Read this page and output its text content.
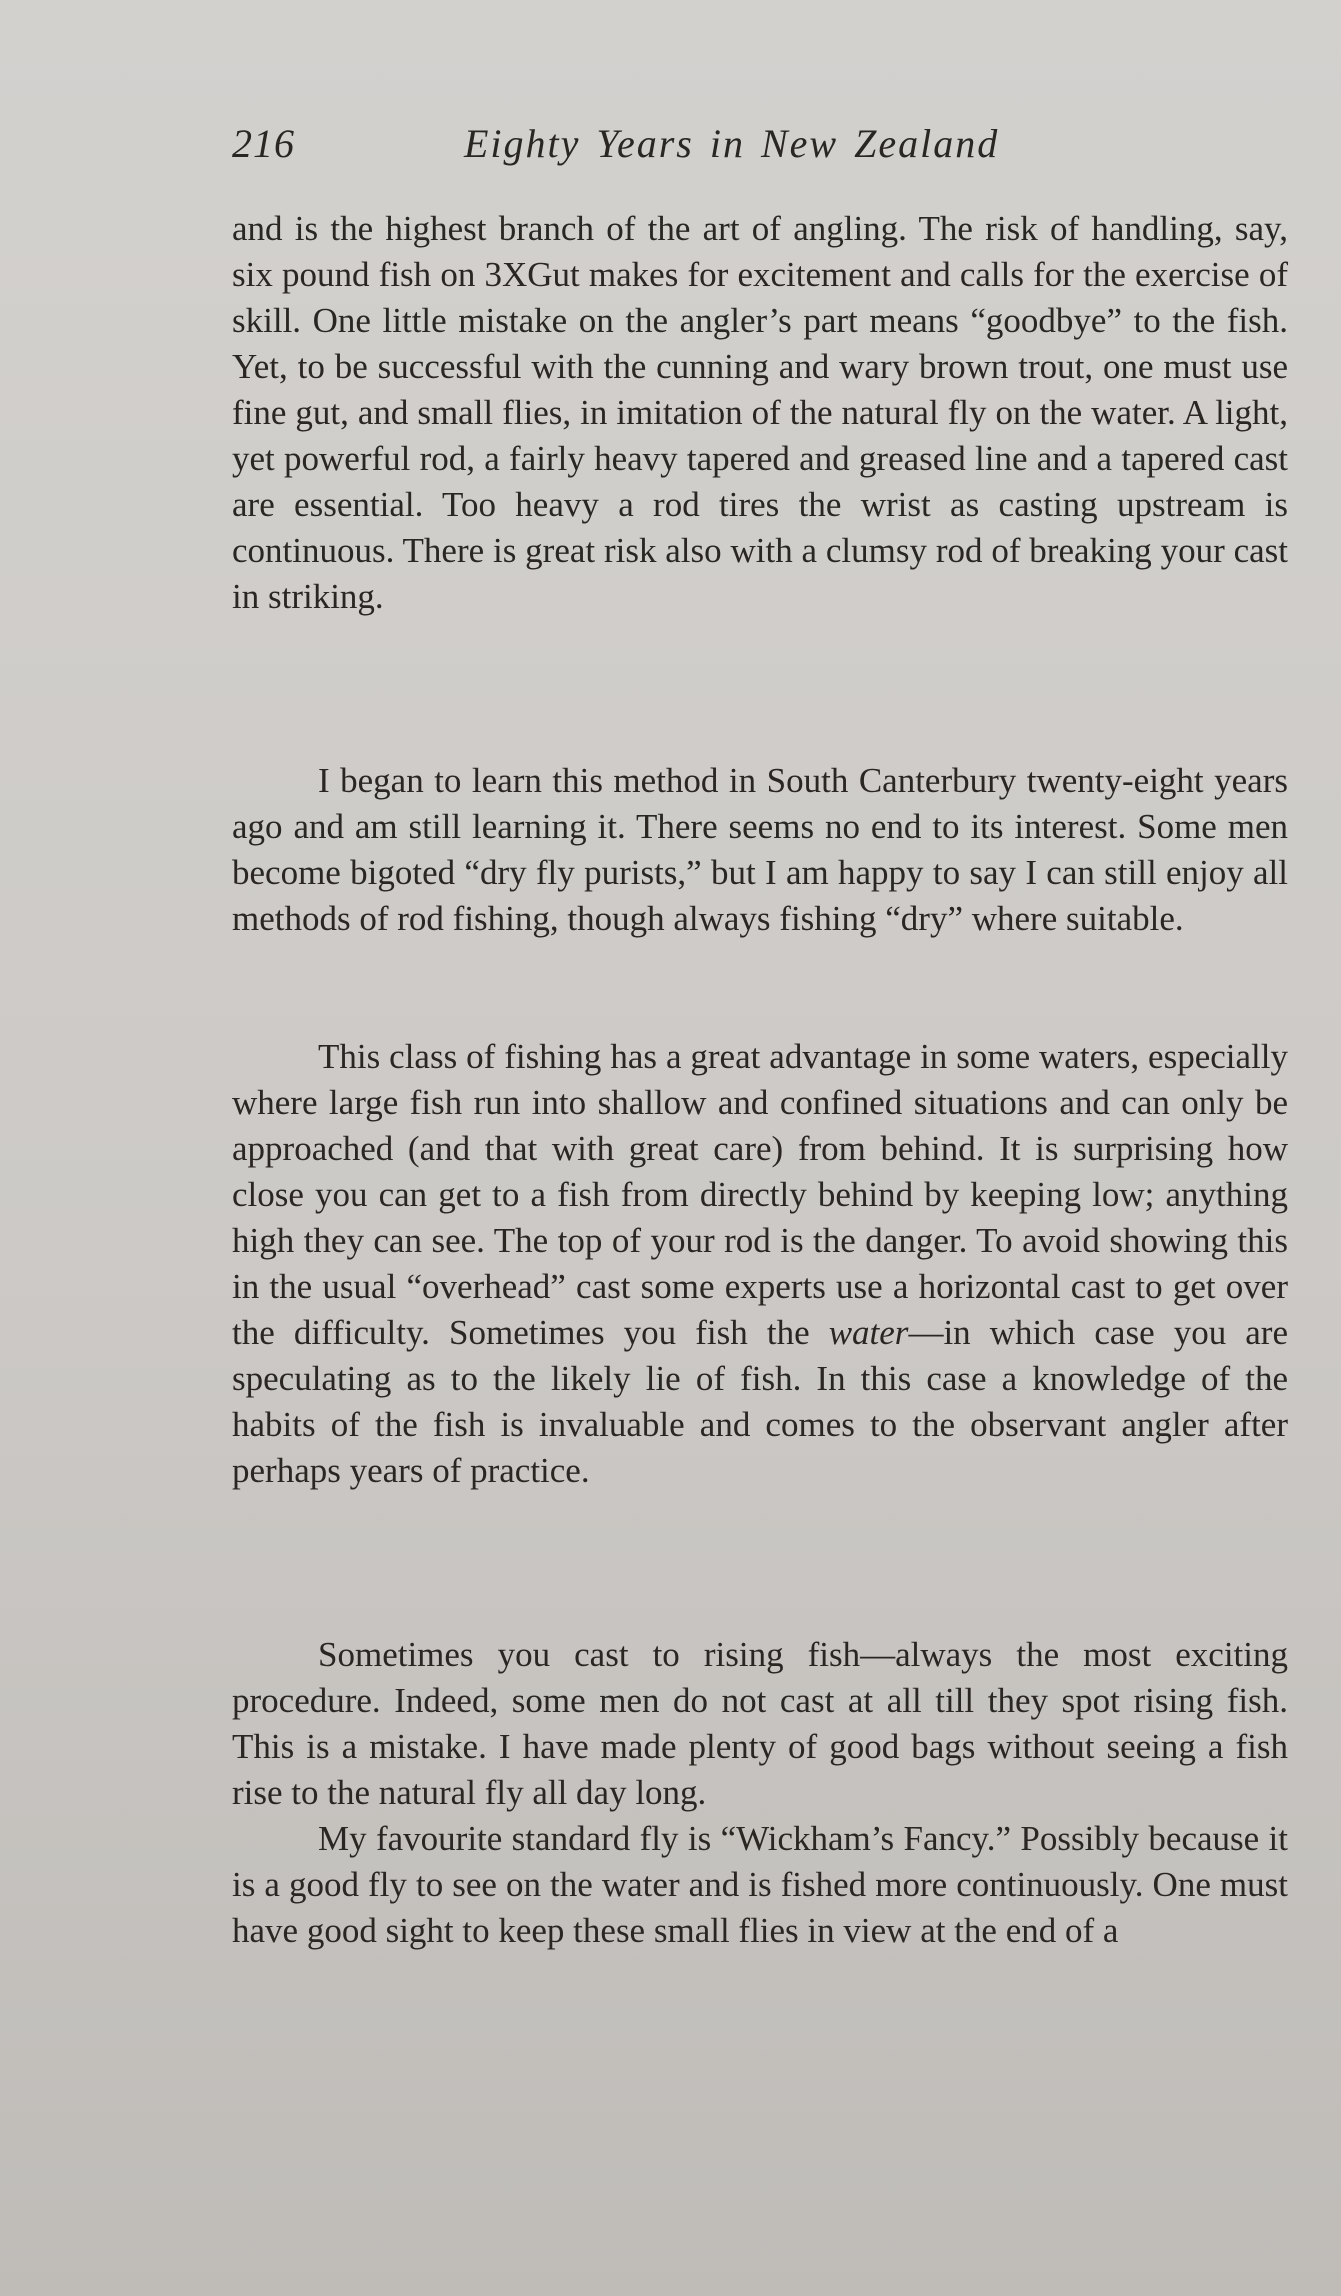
216	Eighty Years in New Zealand

and is the highest branch of the art of angling. The risk of handling, say, six pound fish on 3XGut makes for excitement and calls for the exercise of skill. One little mistake on the angler’s part means “goodbye” to the fish. Yet, to be successful with the cunning and wary brown trout, one must use fine gut, and small flies, in imitation of the natural fly on the water. A light, yet powerful rod, a fairly heavy tapered and greased line and a tapered cast are essential. Too heavy a rod tires the wrist as casting upstream is continuous. There is great risk also with a clumsy rod of breaking your cast in striking.

I began to learn this method in South Canterbury twenty-eight years ago and am still learning it. There seems no end to its interest. Some men become bigoted “dry fly purists,” but I am happy to say I can still enjoy all methods of rod fishing, though always fishing “dry” where suitable.

This class of fishing has a great advantage in some waters, especially where large fish run into shallow and confined situations and can only be approached (and that with great care) from behind. It is surprising how close you can get to a fish from directly behind by keeping low; anything high they can see. The top of your rod is the danger. To avoid showing this in the usual “overhead” cast some experts use a horizontal cast to get over the difficulty. Sometimes you fish the water—in which case you are speculating as to the likely lie of fish. In this case a knowledge of the habits of the fish is invaluable and comes to the observant angler after perhaps years of practice.

Sometimes you cast to rising fish—always the most exciting procedure. Indeed, some men do not cast at all till they spot rising fish. This is a mistake. I have made plenty of good bags without seeing a fish rise to the natural fly all day long.

My favourite standard fly is “Wickham’s Fancy.” Possibly because it is a good fly to see on the water and is fished more continuously. One must have good sight to keep these small flies in view at the end of a
